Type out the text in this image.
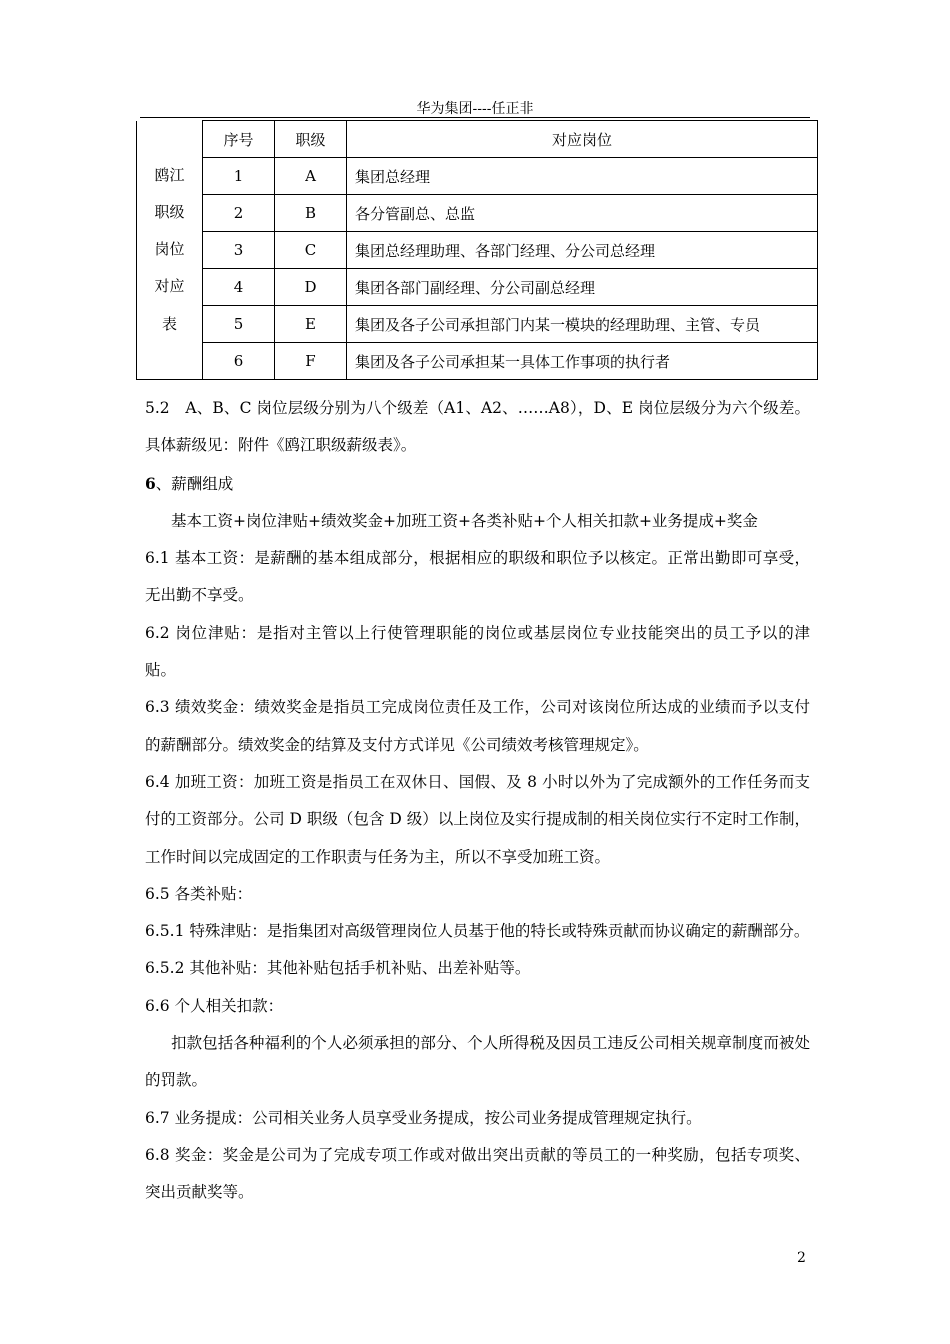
华为集团----任正非
鸥江
职级
岗位
对应
表	序号	职级	对应岗位
	1	A	集团总经理
	2	B	各分管副总、总监
	3	C	集团总经理助理、各部门经理、分公司总经理
	4	D	集团各部门副经理、分公司副总经理
	5	E	集团及各子公司承担部门内某一模块的经理助理、主管、专员
	6	F	集团及各子公司承担某一具体工作事项的执行者

5.2　A、B、C 岗位层级分别为八个级差（A1、A2、……A8），D、E 岗位层级分为六个级差。具体薪级见：附件《鸥江职级薪级表》。

6、薪酬组成

基本工资+岗位津贴+绩效奖金+加班工资+各类补贴+个人相关扣款+业务提成+奖金

6.1 基本工资：是薪酬的基本组成部分，根据相应的职级和职位予以核定。正常出勤即可享受，无出勤不享受。

6.2 岗位津贴：是指对主管以上行使管理职能的岗位或基层岗位专业技能突出的员工予以的津贴。

6.3 绩效奖金：绩效奖金是指员工完成岗位责任及工作，公司对该岗位所达成的业绩而予以支付的薪酬部分。绩效奖金的结算及支付方式详见《公司绩效考核管理规定》。

6.4 加班工资：加班工资是指员工在双休日、国假、及 8 小时以外为了完成额外的工作任务而支付的工资部分。公司 D 职级（包含 D 级）以上岗位及实行提成制的相关岗位实行不定时工作制，工作时间以完成固定的工作职责与任务为主，所以不享受加班工资。

6.5 各类补贴：

6.5.1 特殊津贴：是指集团对高级管理岗位人员基于他的特长或特殊贡献而协议确定的薪酬部分。

6.5.2 其他补贴：其他补贴包括手机补贴、出差补贴等。

6.6 个人相关扣款：

扣款包括各种福利的个人必须承担的部分、个人所得税及因员工违反公司相关规章制度而被处的罚款。

6.7 业务提成：公司相关业务人员享受业务提成，按公司业务提成管理规定执行。

6.8 奖金：奖金是公司为了完成专项工作或对做出突出贡献的等员工的一种奖励，包括专项奖、突出贡献奖等。

2
